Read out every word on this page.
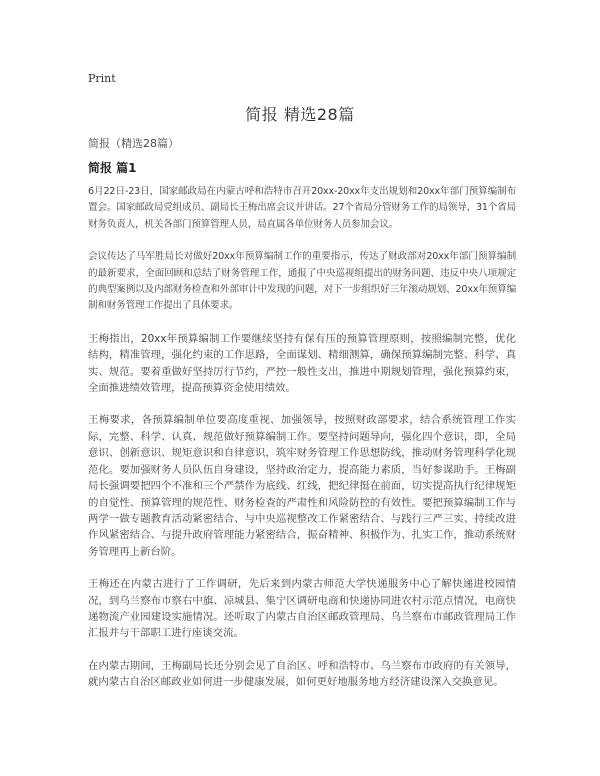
Print
简报 精选28篇
简报（精选28篇）
简报 篇1

6月22日-23日，国家邮政局在内蒙古呼和浩特市召开20xx-20xx年支出规划和20xx年部门预算编制布置会。国家邮政局党组成员、副局长王梅出席会议并讲话。27个省局分管财务工作的局领导，31个省局财务负责人，机关各部门预算管理人员，局直属各单位财务人员参加会议。

会议传达了马军胜局长对做好20xx年预算编制工作的重要指示，传达了财政部对20xx年部门预算编制的最新要求，全面回顾和总结了财务管理工作，通报了中央巡视组提出的财务问题、违反中央八项规定的典型案例以及内部财务检查和外部审计中发现的问题，对下一步组织好三年滚动规划、20xx年预算编制和财务管理工作提出了具体要求。

王梅指出，20xx年预算编制工作要继续坚持有保有压的预算管理原则，按照编制完整，优化结构，精准管理，强化约束的工作思路，全面谋划、精细测算，确保预算编制完整、科学、真实、规范。要着重做好坚持厉行节约，严控一般性支出，推进中期规划管理，强化预算约束，全面推进绩效管理，提高预算资金使用绩效。

王梅要求，各预算编制单位要高度重视、加强领导，按照财政部要求，结合系统管理工作实际，完整、科学、认真、规范做好预算编制工作。要坚持问题导向，强化四个意识，即，全局意识、创新意识、规矩意识和自律意识，筑牢财务管理工作思想防线，推动财务管理科学化规范化。要加强财务人员队伍自身建设，坚持政治定力，提高能力素质，当好参谋助手。王梅副局长强调要把四个不准和三个严禁作为底线、红线，把纪律挺在前面，切实提高执行纪律规矩的自觉性、预算管理的规范性、财务检查的严肃性和风险防控的有效性。要把预算编制工作与两学一做专题教育活动紧密结合、与中央巡视整改工作紧密结合、与践行三严三实、持续改进作风紧密结合、与提升政府管理能力紧密结合，振奋精神、积极作为、扎实工作，推动系统财务管理再上新台阶。

王梅还在内蒙古进行了工作调研，先后来到内蒙古师范大学快递服务中心了解快递进校园情况，到乌兰察布市察右中旗、凉城县、集宁区调研电商和快递协同进农村示范点情况，电商快递物流产业园建设实施情况。还听取了内蒙古自治区邮政管理局、乌兰察布市邮政管理局工作汇报并与干部职工进行座谈交流。

在内蒙古期间，王梅副局长还分别会见了自治区、呼和浩特市、乌兰察布市政府的有关领导，就内蒙古自治区邮政业如何进一步健康发展，如何更好地服务地方经济建设深入交换意见。
